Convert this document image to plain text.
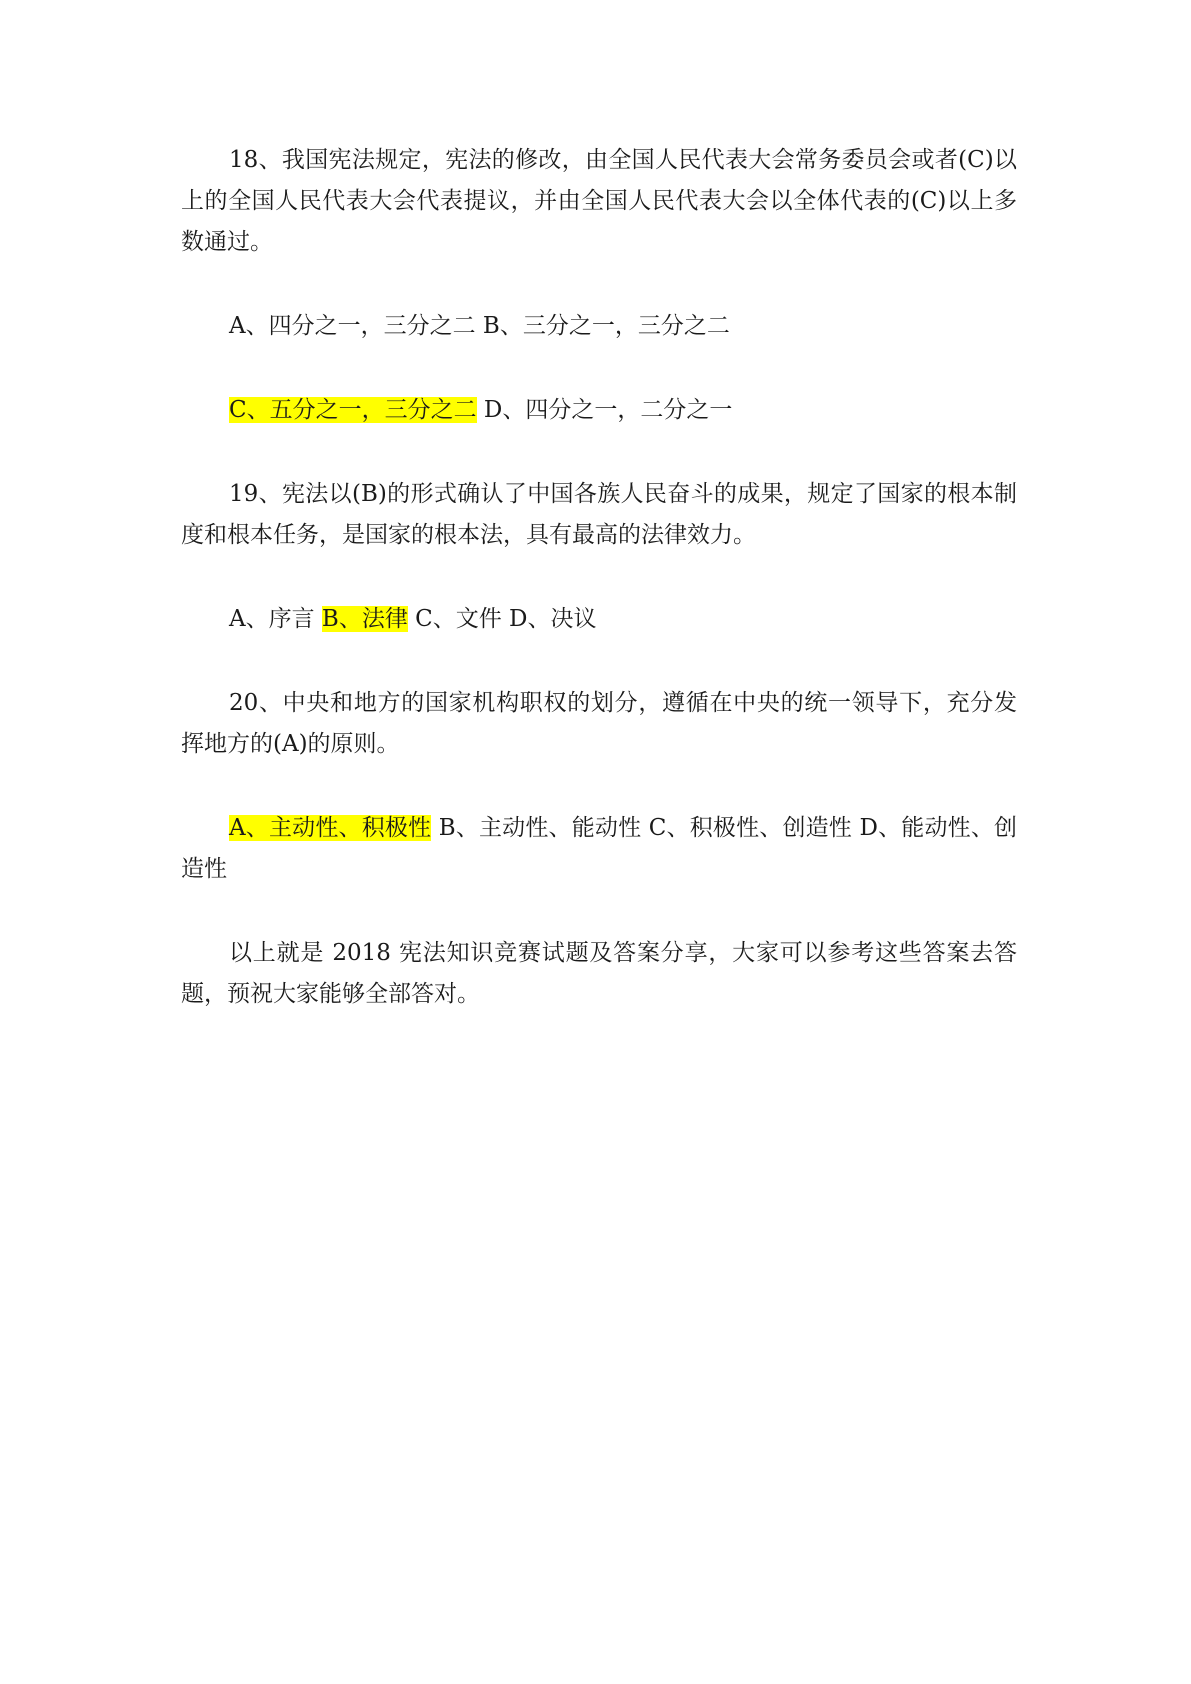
18、我国宪法规定，宪法的修改，由全国人民代表大会常务委员会或者(C)以上的全国人民代表大会代表提议，并由全国人民代表大会以全体代表的(C)以上多数通过。

A、四分之一，三分之二 B、三分之一，三分之二

C、五分之一，三分之二 D、四分之一，二分之一

19、宪法以(B)的形式确认了中国各族人民奋斗的成果，规定了国家的根本制度和根本任务，是国家的根本法，具有最高的法律效力。

A、序言 B、法律 C、文件 D、决议

20、中央和地方的国家机构职权的划分，遵循在中央的统一领导下，充分发挥地方的(A)的原则。

A、主动性、积极性 B、主动性、能动性 C、积极性、创造性 D、能动性、创造性

以上就是 2018 宪法知识竞赛试题及答案分享，大家可以参考这些答案去答题，预祝大家能够全部答对。
